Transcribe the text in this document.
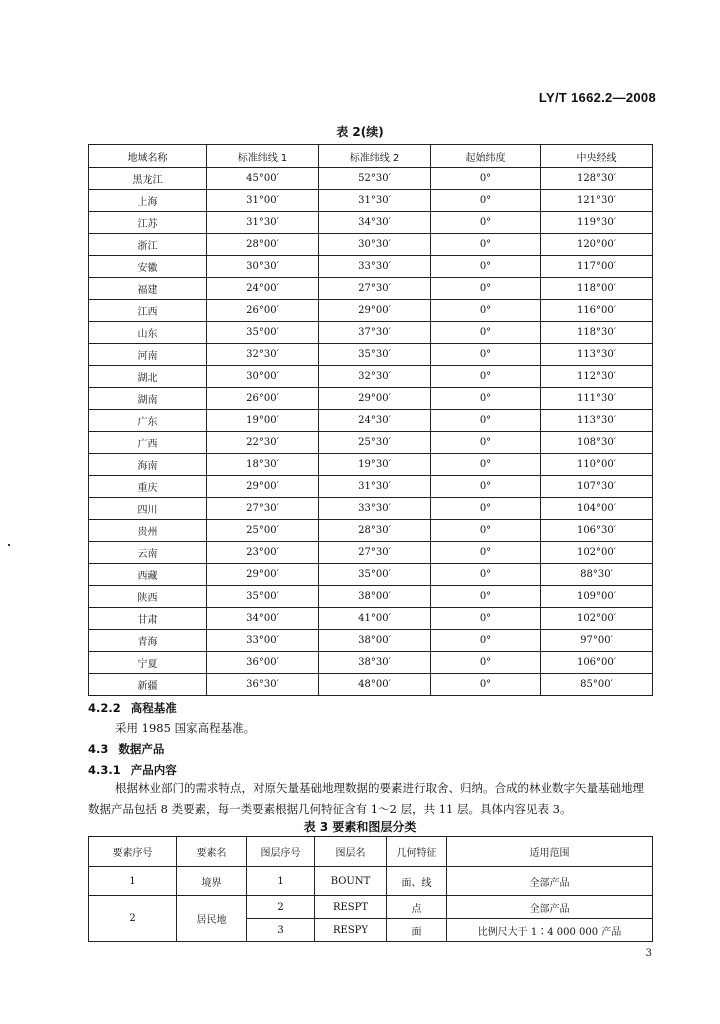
LY/T 1662.2—2008
表 2(续)
地域名称	标准纬线 1	标准纬线 2	起始纬度	中央经线
黑龙江	45°00′	52°30′	0°	128°30′
上海	31°00′	31°30′	0°	121°30′
江苏	31°30′	34°30′	0°	119°30′
浙江	28°00′	30°30′	0°	120°00′
安徽	30°30′	33°30′	0°	117°00′
福建	24°00′	27°30′	0°	118°00′
江西	26°00′	29°00′	0°	116°00′
山东	35°00′	37°30′	0°	118°30′
河南	32°30′	35°30′	0°	113°30′
湖北	30°00′	32°30′	0°	112°30′
湖南	26°00′	29°00′	0°	111°30′
广东	19°00′	24°30′	0°	113°30′
广西	22°30′	25°30′	0°	108°30′
海南	18°30′	19°30′	0°	110°00′
重庆	29°00′	31°30′	0°	107°30′
四川	27°30′	33°30′	0°	104°00′
贵州	25°00′	28°30′	0°	106°30′
云南	23°00′	27°30′	0°	102°00′
西藏	29°00′	35°00′	0°	88°30′
陕西	35°00′	38°00′	0°	109°00′
甘肃	34°00′	41°00′	0°	102°00′
青海	33°00′	38°00′	0°	97°00′
宁夏	36°00′	38°30′	0°	106°00′
新疆	36°30′	48°00′	0°	85°00′
4.2.2 高程基准
采用 1985 国家高程基准。
4.3 数据产品
4.3.1 产品内容
根据林业部门的需求特点，对原矢量基础地理数据的要素进行取舍、归纳。合成的林业数字矢量基础地理数据产品包括 8 类要素，每一类要素根据几何特征含有 1～2 层，共 11 层。具体内容见表 3。
表 3 要素和图层分类
要素序号	要素名	图层序号	图层名	几何特征	适用范围
1	境界	1	BOUNT	面、线	全部产品
2	居民地	2	RESPT	点	全部产品
		3	RESPY	面	比例尺大于 1∶4 000 000 产品
3
